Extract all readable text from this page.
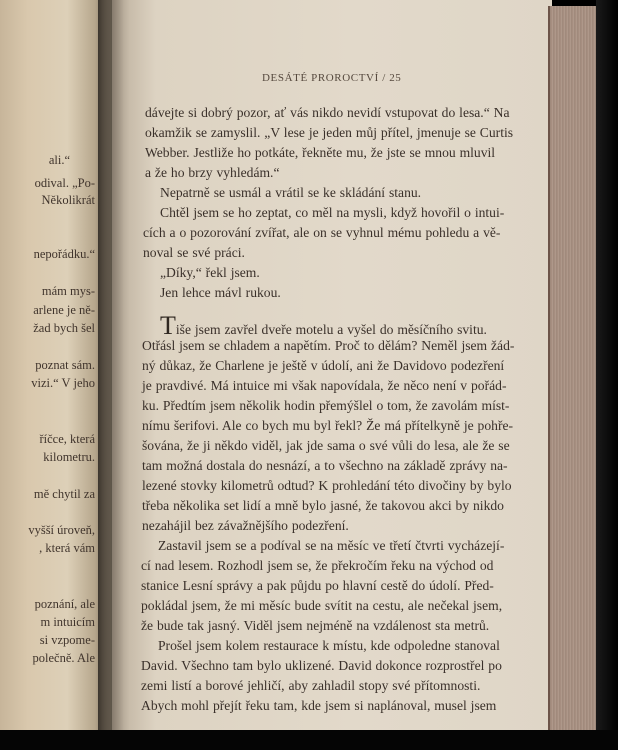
ali.“
odival. „Po-
Několikrát
nepořádku.“
mám mys-
arlene je ně-
žad bych šel
poznat sám.
vizi.“ V jeho
říčce, která
kilometru.
mě chytil za
vyšší úroveň,
, která vám
poznání, ale
m intuicím
si vzpome-
polečně. Ale
DESÁTÉ PROROCTVÍ / 25
dávejte si dobrý pozor, ať vás nikdo nevidí vstupovat do lesa.“ Na
okamžik se zamyslil. „V lese je jeden můj přítel, jmenuje se Curtis
Webber. Jestliže ho potkáte, řekněte mu, že jste se mnou mluvil
a že ho brzy vyhledám.“
Nepatrně se usmál a vrátil se ke skládání stanu.
Chtěl jsem se ho zeptat, co měl na mysli, když hovořil o intui-
cích a o pozorování zvířat, ale on se vyhnul mému pohledu a vě-
noval se své práci.
„Díky,“ řekl jsem.
Jen lehce mávl rukou.
Tiše jsem zavřel dveře motelu a vyšel do měsíčního svitu.
Otřásl jsem se chladem a napětím. Proč to dělám? Neměl jsem žád-
ný důkaz, že Charlene je ještě v údolí, ani že Davidovo podezření
je pravdivé. Má intuice mi však napovídala, že něco není v pořád-
ku. Předtím jsem několik hodin přemýšlel o tom, že zavolám míst-
nímu šerifovi. Ale co bych mu byl řekl? Že má přítelkyně je pohře-
šována, že ji někdo viděl, jak jde sama o své vůli do lesa, ale že se
tam možná dostala do nesnází, a to všechno na základě zprávy na-
lezené stovky kilometrů odtud? K prohledání této divočiny by bylo
třeba několika set lidí a mně bylo jasné, že takovou akci by nikdo
nezahájil bez závažnějšího podezření.
Zastavil jsem se a podíval se na měsíc ve třetí čtvrti vycházejí-
cí nad lesem. Rozhodl jsem se, že překročím řeku na východ od
stanice Lesní správy a pak půjdu po hlavní cestě do údolí. Před-
pokládal jsem, že mi měsíc bude svítit na cestu, ale nečekal jsem,
že bude tak jasný. Viděl jsem nejméně na vzdálenost sta metrů.
Prošel jsem kolem restaurace k místu, kde odpoledne stanoval
David. Všechno tam bylo uklizené. David dokonce rozprostřel po
zemi listí a borové jehličí, aby zahladil stopy své přítomnosti.
Abych mohl přejít řeku tam, kde jsem si naplánoval, musel jsem
